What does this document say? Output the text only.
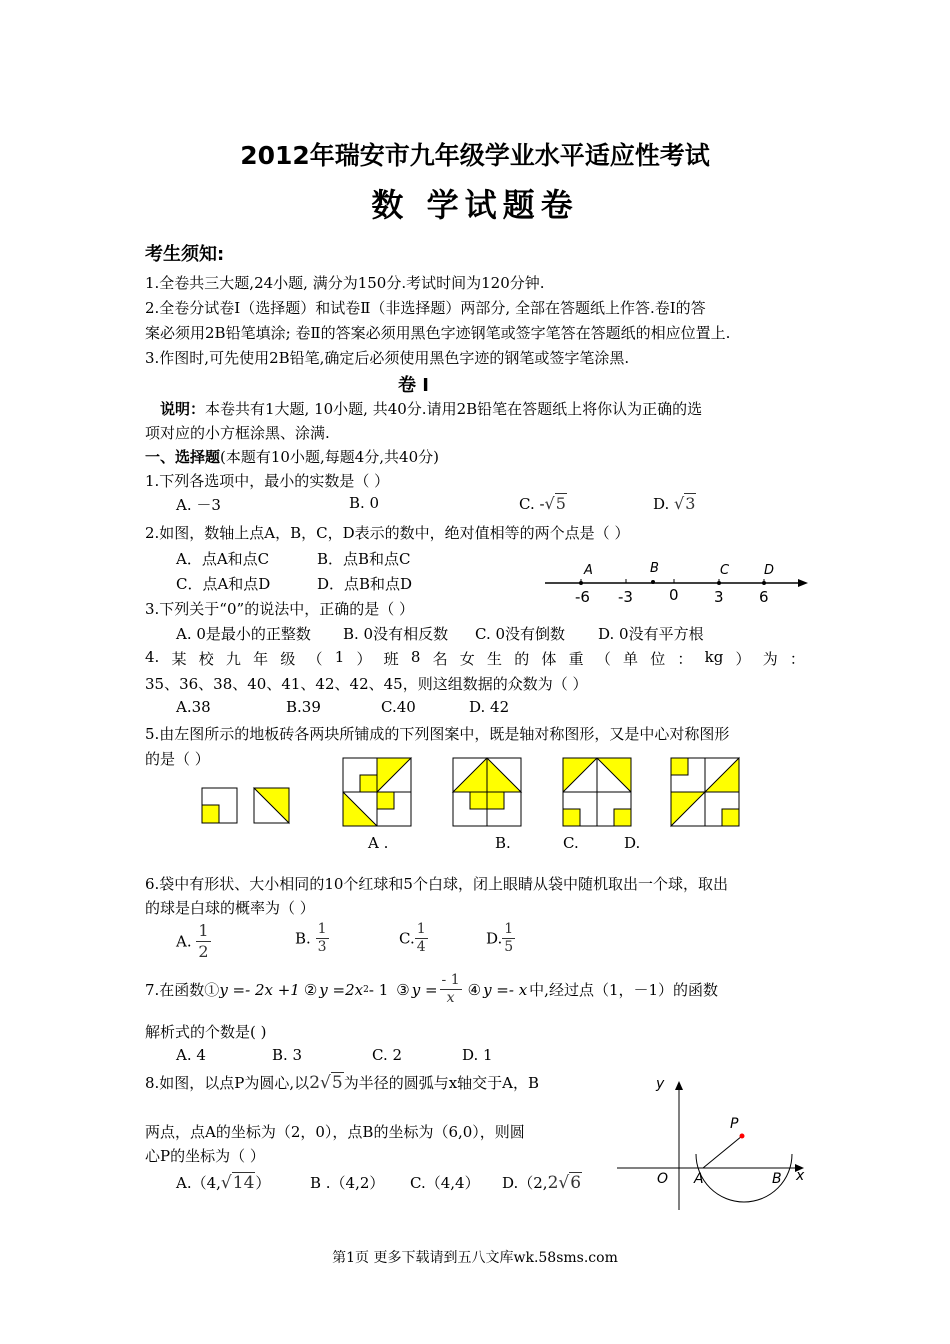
2012年瑞安市九年级学业水平适应性考试
数 学试题卷
考生须知:
1.全卷共三大题,24小题, 满分为150分.考试时间为120分钟.
2.全卷分试卷Ⅰ（选择题）和试卷Ⅱ（非选择题）两部分, 全部在答题纸上作答.卷Ⅰ的答
案必须用2B铅笔填涂; 卷Ⅱ的答案必须用黑色字迹钢笔或签字笔答在答题纸的相应位置上.
3.作图时,可先使用2B铅笔,确定后必须使用黑色字迹的钢笔或签字笔涂黑.
卷 Ⅰ
说明：本卷共有1大题, 10小题, 共40分.请用2B铅笔在答题纸上将你认为正确的选
项对应的小方框涂黑、涂满.
一、选择题(本题有10小题,每题4分,共40分)
1.下列各选项中，最小的实数是（ ）
A. －3	B. 0	C. -√5	D. √3
2.如图，数轴上点A，B，C，D表示的数中，绝对值相等的两个点是（ ）
A．点A和点C	B．点B和点C
C．点A和点D	D．点B和点D
A	B	C	D
-6 -3 0 3 6
3.下列关于“0”的说法中，正确的是（ ）
A. 0是最小的正整数 B. 0没有相反数 C. 0没有倒数 D. 0没有平方根
4. 某 校 九 年 级 （ 1 ） 班 8 名 女 生 的 体 重 （ 单 位 ： kg ） 为 ：
35、36、38、40、41、42、42、45，则这组数据的众数为（ ）
A.38	B.39	C.40	D. 42
5.由左图所示的地板砖各两块所铺成的下列图案中，既是轴对称图形，又是中心对称图形
的是（ ）
A .	B.	C.	D.
6.袋中有形状、大小相同的10个红球和5个白球，闭上眼睛从袋中随机取出一个球，取出
的球是白球的概率为（ ）
A. $\frac{1}{2}$	B. $\frac{1}{3}$	C. $\frac{1}{4}$	D. $\frac{1}{5}$
7.在函数① y =- 2x +1 ② y =2x 2 - 1 ③ $y = \frac{- 1}{x}$ ④ y =- x 中,经过点（1，－1）的函数
解析式的个数是( )
A. 4	B. 3	C. 2	D. 1
8.如图，以点P为圆心,以2√5为半径的圆弧与x轴交于A，B
两点，点A的坐标为（2，0），点B的坐标为（6,0），则圆
心P的坐标为（ ）
A.（4,√14）	B .（4,2） C.（4,4） D.（2,2√6
y
x
O A	B
P
第1页 更多下载请到五八文库wk.58sms.com
